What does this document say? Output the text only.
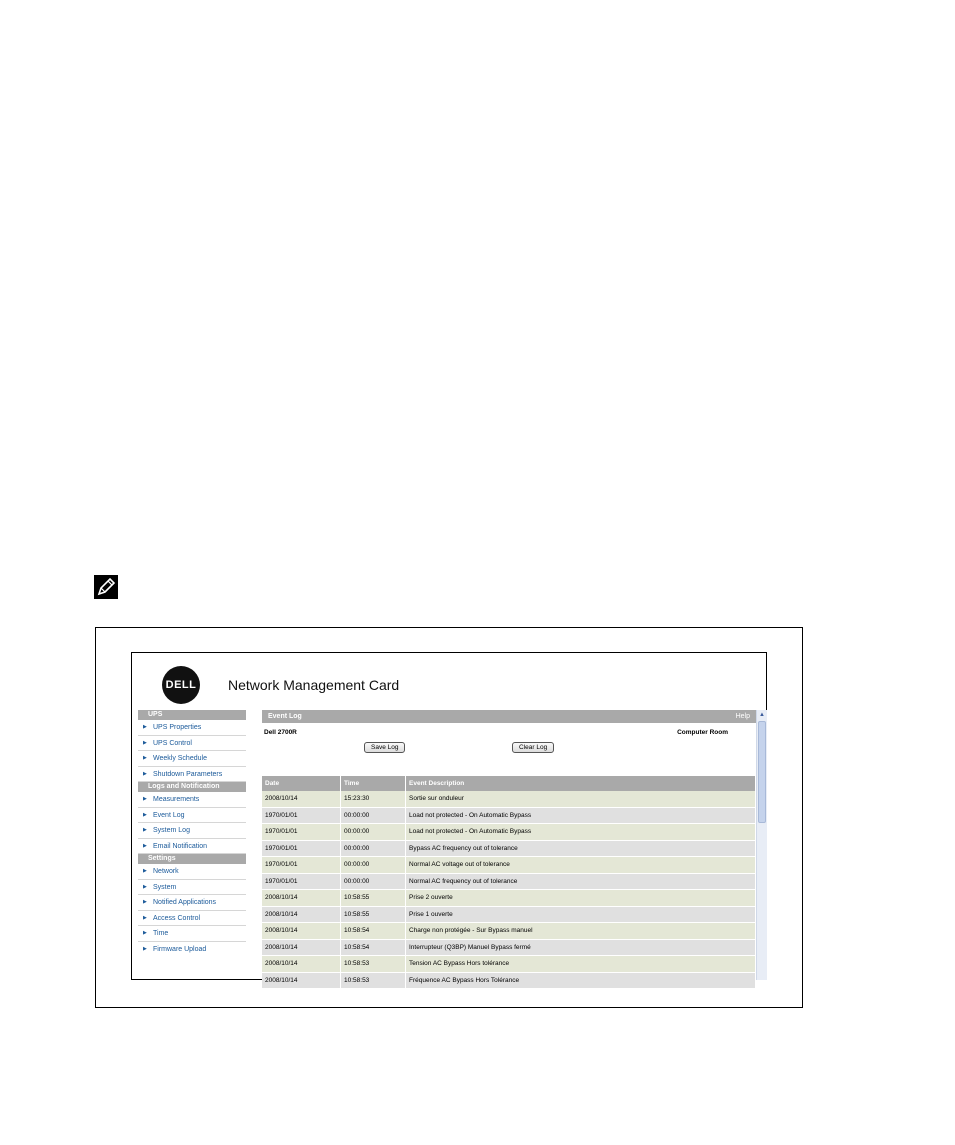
DELL Network Management Card
UPS
▶ UPS Properties
▶ UPS Control
▶ Weekly Schedule
▶ Shutdown Parameters
Logs and Notification
▶ Measurements
▶ Event Log
▶ System Log
▶ Email Notification
Settings
▶ Network
▶ System
▶ Notified Applications
▶ Access Control
▶ Time
▶ Firmware Upload
Event Log	Help
Dell 2700R	Computer Room
Save Log	Clear Log
Date	Time	Event Description
2008/10/14	15:23:30	Sortie sur onduleur
1970/01/01	00:00:00	Load not protected - On Automatic Bypass
1970/01/01	00:00:00	Load not protected - On Automatic Bypass
1970/01/01	00:00:00	Bypass AC frequency out of tolerance
1970/01/01	00:00:00	Normal AC voltage out of tolerance
1970/01/01	00:00:00	Normal AC frequency out of tolerance
2008/10/14	10:58:55	Prise 2 ouverte
2008/10/14	10:58:55	Prise 1 ouverte
2008/10/14	10:58:54	Charge non protégée - Sur Bypass manuel
2008/10/14	10:58:54	Interrupteur (Q3BP) Manuel Bypass fermé
2008/10/14	10:58:53	Tension AC Bypass Hors tolérance
2008/10/14	10:58:53	Fréquence AC Bypass Hors Tolérance
▲
